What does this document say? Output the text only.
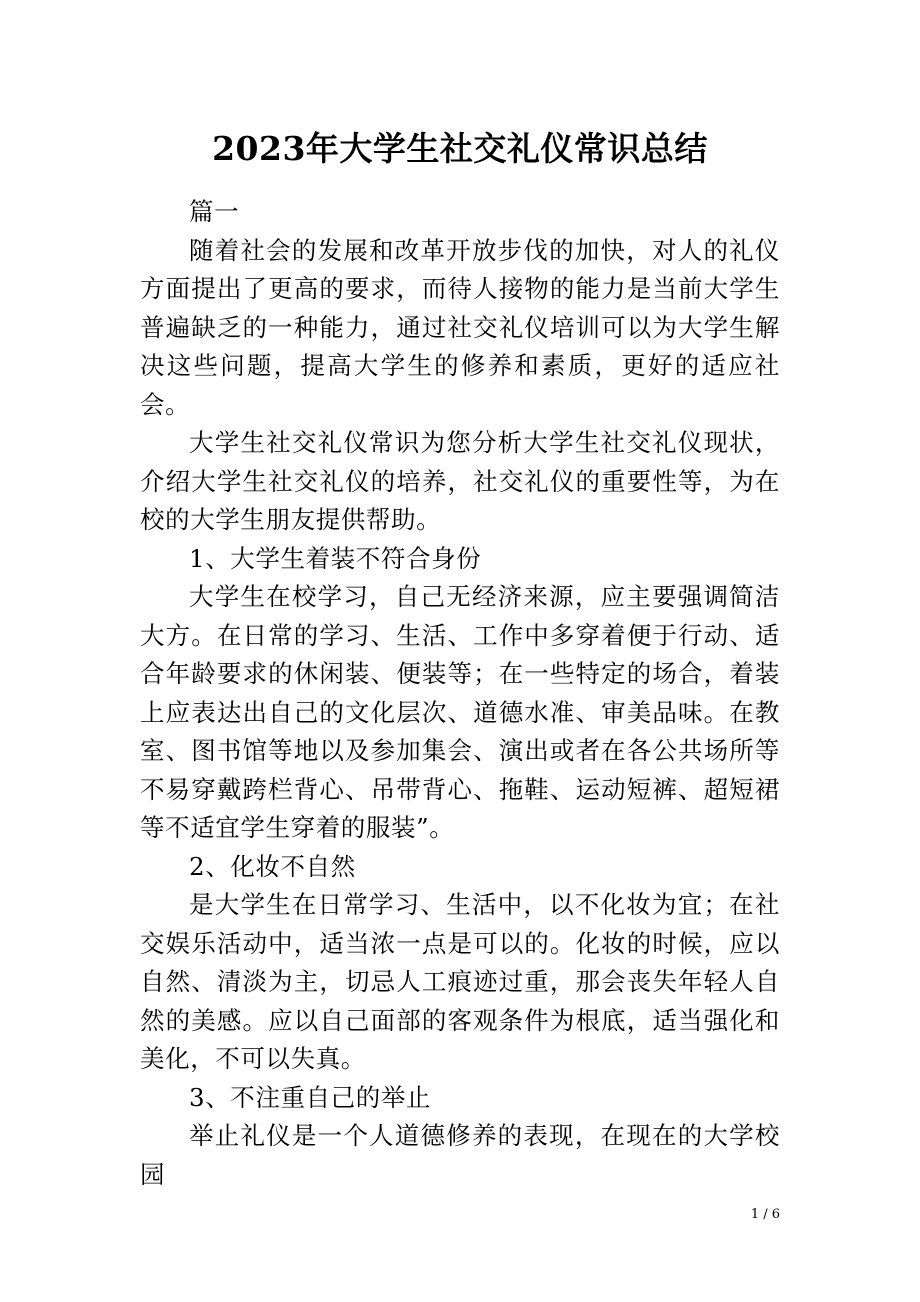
2023年大学生社交礼仪常识总结

篇一

随着社会的发展和改革开放步伐的加快，对人的礼仪方面提出了更高的要求，而待人接物的能力是当前大学生普遍缺乏的一种能力，通过社交礼仪培训可以为大学生解决这些问题，提高大学生的修养和素质，更好的适应社会。

大学生社交礼仪常识为您分析大学生社交礼仪现状，介绍大学生社交礼仪的培养，社交礼仪的重要性等，为在校的大学生朋友提供帮助。

1、大学生着装不符合身份

大学生在校学习，自己无经济来源，应主要强调简洁大方。在日常的学习、生活、工作中多穿着便于行动、适合年龄要求的休闲装、便装等；在一些特定的场合，着装上应表达出自己的文化层次、道德水准、审美品味。在教室、图书馆等地以及参加集会、演出或者在各公共场所等不易穿戴跨栏背心、吊带背心、拖鞋、运动短裤、超短裙等不适宜学生穿着的服装”。

2、化妆不自然

是大学生在日常学习、生活中，以不化妆为宜；在社交娱乐活动中，适当浓一点是可以的。化妆的时候，应以自然、清淡为主，切忌人工痕迹过重，那会丧失年轻人自然的美感。应以自己面部的客观条件为根底，适当强化和美化，不可以失真。

3、不注重自己的举止

举止礼仪是一个人道德修养的表现，在现在的大学校园

1 / 6
